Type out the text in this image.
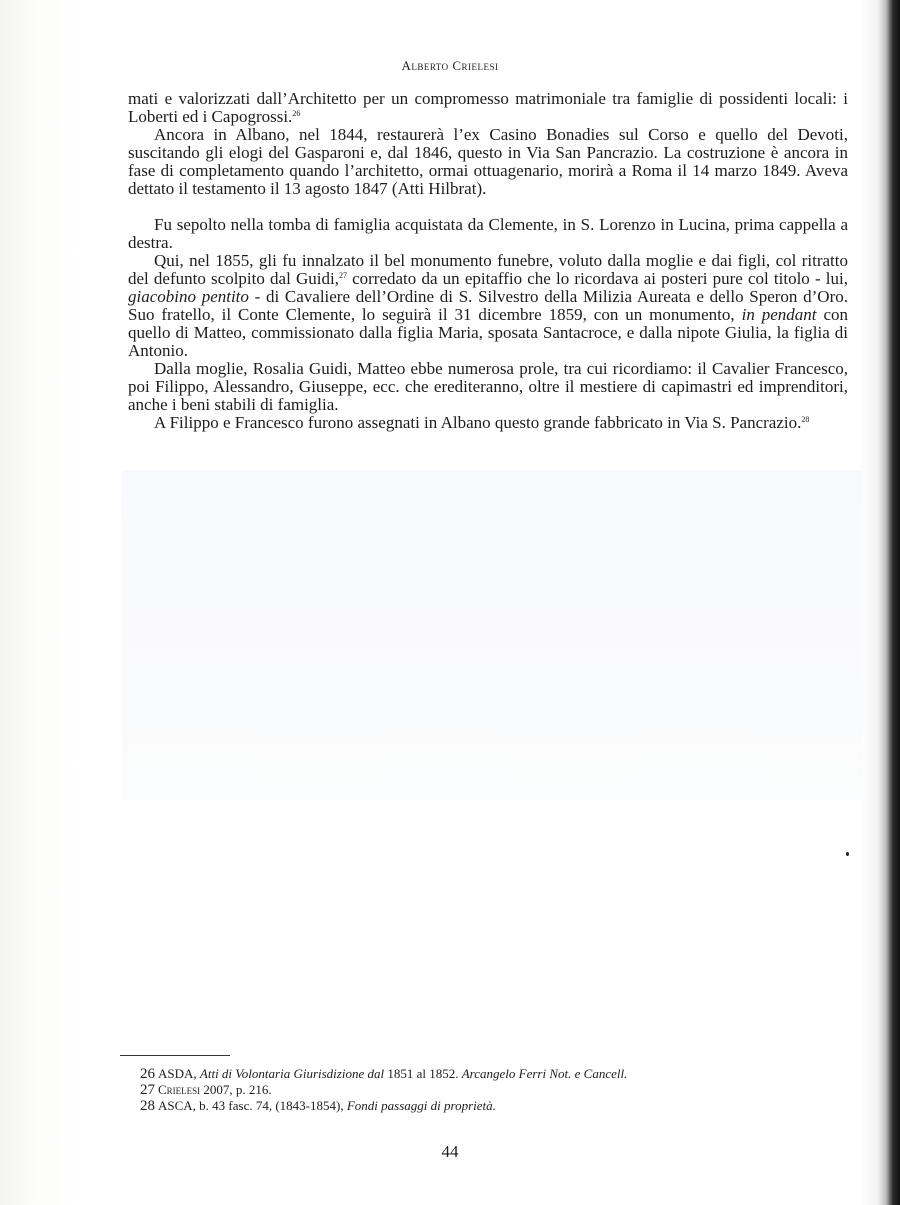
Alberto Crielesi

mati e valorizzati dall’Architetto per un compromesso matrimoniale tra famiglie di possidenti locali: i Loberti ed i Capogrossi.$^{26}$

Ancora in Albano, nel 1844, restaurerà l’ex Casino Bonadies sul Corso e quello del Devoti, suscitando gli elogi del Gasparoni e, dal 1846, questo in Via San Pancrazio. La costruzione è ancora in fase di completamento quando l’architetto, ormai ottuagenario, morirà a Roma il 14 marzo 1849. Aveva dettato il testamento il 13 agosto 1847 (Atti Hilbrat).

Fu sepolto nella tomba di famiglia acquistata da Clemente, in S. Lorenzo in Lucina, prima cappella a destra.

Qui, nel 1855, gli fu innalzato il bel monumento funebre, voluto dalla moglie e dai figli, col ritratto del defunto scolpito dal Guidi,$^{27}$ corredato da un epitaffio che lo ricordava ai posteri pure col titolo - lui, giacobino pentito - di Cavaliere dell’Ordine di S. Silvestro della Milizia Aureata e dello Speron d’Oro. Suo fratello, il Conte Clemente, lo seguirà il 31 dicembre 1859, con un monumento, in pendant con quello di Matteo, commissionato dalla figlia Maria, sposata Santacroce, e dalla nipote Giulia, la figlia di Antonio.

Dalla moglie, Rosalia Guidi, Matteo ebbe numerosa prole, tra cui ricordiamo: il Cavalier Francesco, poi Filippo, Alessandro, Giuseppe, ecc. che erediteranno, oltre il mestiere di capimastri ed imprenditori, anche i beni stabili di famiglia.

A Filippo e Francesco furono assegnati in Albano questo grande fabbricato in Via S. Pancrazio.$^{28}$

26 ASDA, Atti di Volontaria Giurisdizione dal 1851 al 1852. Arcangelo Ferri Not. e Cancell.
27 Crielesi 2007, p. 216.
28 ASCA, b. 43 fasc. 74, (1843-1854), Fondi passaggi di proprietà.
44
